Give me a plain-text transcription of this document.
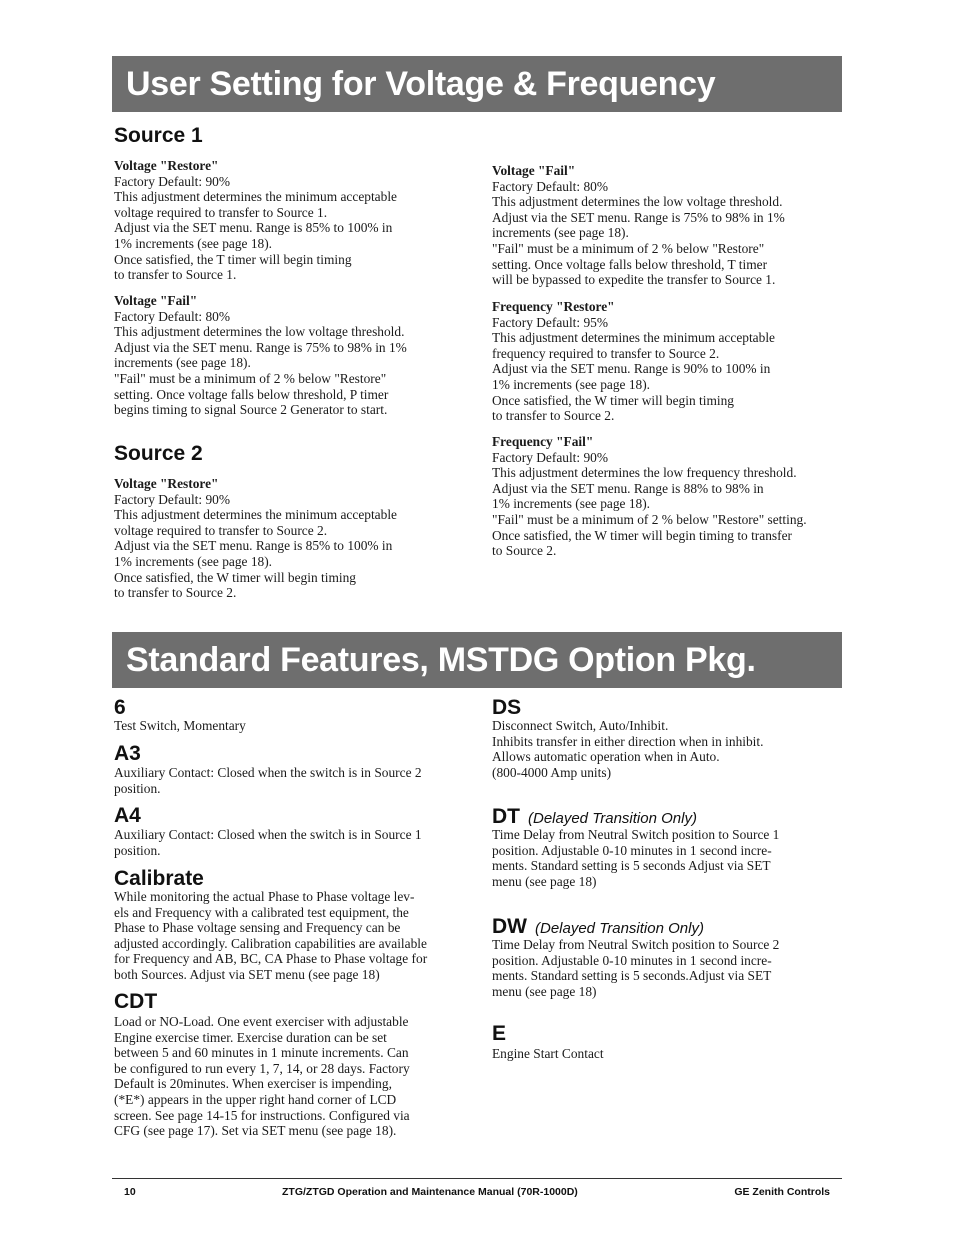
User Setting for Voltage & Frequency
Source 1
Voltage "Restore"
Factory Default: 90%
This adjustment determines the minimum acceptable
voltage required to transfer to Source 1.
Adjust via the SET menu. Range is 85% to 100% in
1% increments (see page 18).
Once satisfied, the T timer will begin timing
to transfer to Source 1.
Voltage "Fail"
Factory Default: 80%
This adjustment determines the low voltage threshold.
Adjust via the SET menu. Range is 75% to 98% in 1%
increments (see page 18).
"Fail" must be a minimum of 2 % below "Restore"
setting. Once voltage falls below threshold, P timer
begins timing to signal Source 2 Generator to start.
Source 2
Voltage "Restore"
Factory Default: 90%
This adjustment determines the minimum acceptable
voltage required to transfer to Source 2.
Adjust via the SET menu. Range is 85% to 100% in
1% increments (see page 18).
Once satisfied, the W timer will begin timing
to transfer to Source 2.
Voltage "Fail"
Factory Default: 80%
This adjustment determines the low voltage threshold.
Adjust via the SET menu. Range is 75% to 98% in 1%
increments (see page 18).
"Fail" must be a minimum of 2 % below "Restore"
setting. Once voltage falls below threshold, T timer
will be bypassed to expedite the transfer to Source 1.
Frequency "Restore"
Factory Default: 95%
This adjustment determines the minimum acceptable
frequency required to transfer to Source 2.
Adjust via the SET menu. Range is 90% to 100% in
1% increments (see page 18).
Once satisfied, the W timer will begin timing
to transfer to Source 2.
Frequency "Fail"
Factory Default: 90%
This adjustment determines the low frequency threshold.
Adjust via the SET menu. Range is 88% to 98% in
1% increments (see page 18).
"Fail" must be a minimum of 2 % below "Restore" setting.
Once satisfied, the W timer will begin timing to transfer
to Source 2.
Standard Features, MSTDG Option Pkg.
6
Test Switch, Momentary
A3
Auxiliary Contact: Closed when the switch is in Source 2
position.
A4
Auxiliary Contact: Closed when the switch is in Source 1
position.
Calibrate
While monitoring the actual Phase to Phase voltage lev-
els and Frequency with a calibrated test equipment, the
Phase to Phase voltage sensing and Frequency can be
adjusted accordingly. Calibration capabilities are available
for Frequency and AB, BC, CA Phase to Phase voltage for
both Sources. Adjust via SET menu (see page 18)
CDT
Load or NO-Load. One event exerciser with adjustable
Engine exercise timer. Exercise duration can be set
between 5 and 60 minutes in 1 minute increments. Can
be configured to run every 1, 7, 14, or 28 days. Factory
Default is 20minutes. When exerciser is impending,
(*E*) appears in the upper right hand corner of LCD
screen. See page 14-15 for instructions. Configured via
CFG (see page 17). Set via SET menu (see page 18).
DS
Disconnect Switch, Auto/Inhibit.
Inhibits transfer in either direction when in inhibit.
Allows automatic operation when in Auto.
(800-4000 Amp units)
DT (Delayed Transition Only)
Time Delay from Neutral Switch position to Source 1
position. Adjustable 0-10 minutes in 1 second incre-
ments. Standard setting is 5 seconds Adjust via SET
menu (see page 18)
DW (Delayed Transition Only)
Time Delay from Neutral Switch position to Source 2
position. Adjustable 0-10 minutes in 1 second incre-
ments. Standard setting is 5 seconds.Adjust via SET
menu (see page 18)
E
Engine Start Contact
10	ZTG/ZTGD Operation and Maintenance Manual (70R-1000D)	GE Zenith Controls
